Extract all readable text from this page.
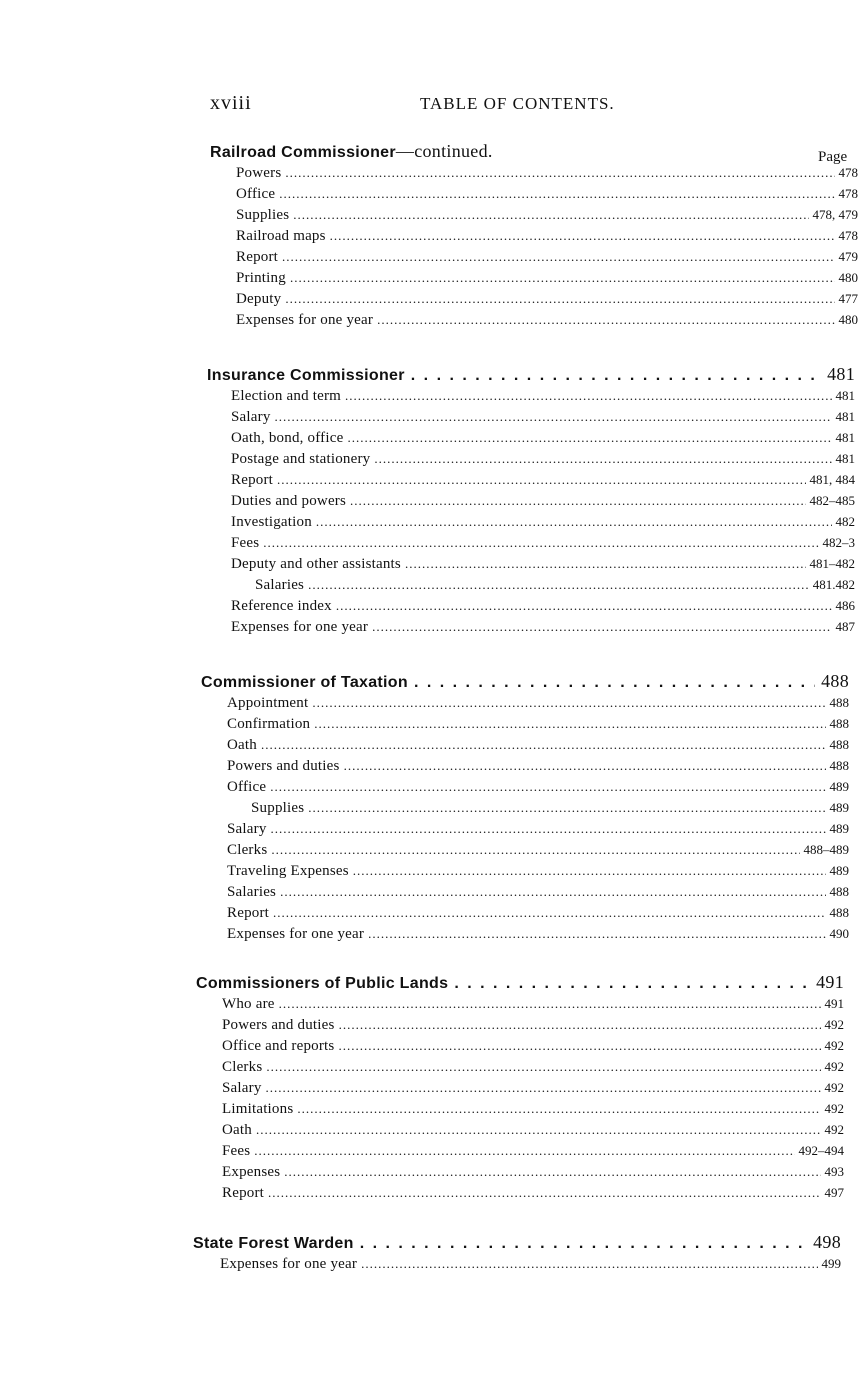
xviii	TABLE OF CONTENTS.
Page
Railroad Commissioner —continued.
Powers .....	478
Office .....	478
Supplies .....	478, 479
Railroad maps .....	478
Report .....	479
Printing .....	480
Deputy .....	477
Expenses for one year .....	480
Insurance Commissioner . . .	481
Election and term .....	481
Salary .....	481
Oath, bond, office .....	481
Postage and stationery .....	481
Report .....	481, 484
Duties and powers .....	482–485
Investigation .....	482
Fees .....	482–3
Deputy and other assistants .....	481–482
Salaries .....	481.482
Reference index .....	486
Expenses for one year .....	487
Commissioner of Taxation . . .	488
Appointment .....	488
Confirmation .....	488
Oath .....	488
Powers and duties .....	488
Office .....	489
Supplies .....	489
Salary .....	489
Clerks .....	488–489
Traveling Expenses .....	489
Salaries .....	488
Report .....	488
Expenses for one year .....	490
Commissioners of Public Lands . . .	491
Who are .....	491
Powers and duties .....	492
Office and reports .....	492
Clerks .....	492
Salary .....	492
Limitations .....	492
Oath .....	492
Fees .....	492–494
Expenses .....	493
Report .....	497
State Forest Warden . . .	498
Expenses for one year .....	499
